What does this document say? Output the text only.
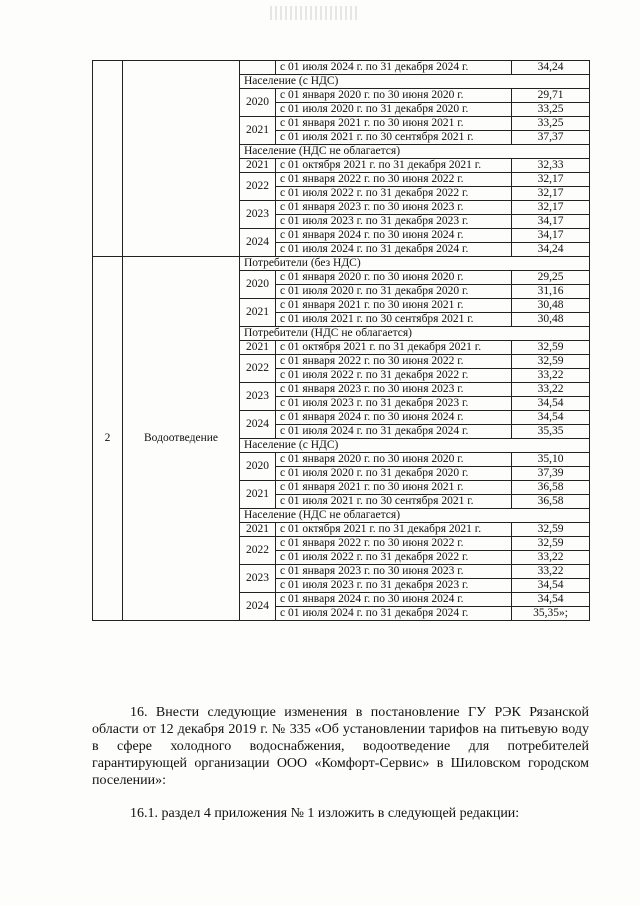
			с 01 июля 2024 г. по 31 декабря 2024 г.	34,24
		Население (с НДС)		
		2020	с 01 января 2020 г. по 30 июня 2020 г.	29,71
			с 01 июля 2020 г. по 31 декабря 2020 г.	33,25
		2021	с 01 января 2021 г. по 30 июня 2021 г.	33,25
			с 01 июля 2021 г. по 30 сентября 2021 г.	37,37
		Население (НДС не облагается)		
		2021	с 01 октября 2021 г. по 31 декабря 2021 г.	32,33
		2022	с 01 января 2022 г. по 30 июня 2022 г.	32,17
			с 01 июля 2022 г. по 31 декабря 2022 г.	32,17
		2023	с 01 января 2023 г. по 30 июня 2023 г.	32,17
			с 01 июля 2023 г. по 31 декабря 2023 г.	34,17
		2024	с 01 января 2024 г. по 30 июня 2024 г.	34,17
			с 01 июля 2024 г. по 31 декабря 2024 г.	34,24
2	Водоотведение	Потребители (без НДС)		
		2020	с 01 января 2020 г. по 30 июня 2020 г.	29,25
			с 01 июля 2020 г. по 31 декабря 2020 г.	31,16
		2021	с 01 января 2021 г. по 30 июня 2021 г.	30,48
			с 01 июля 2021 г. по 30 сентября 2021 г.	30,48
		Потребители (НДС не облагается)		
		2021	с 01 октября 2021 г. по 31 декабря 2021 г.	32,59
		2022	с 01 января 2022 г. по 30 июня 2022 г.	32,59
			с 01 июля 2022 г. по 31 декабря 2022 г.	33,22
		2023	с 01 января 2023 г. по 30 июня 2023 г.	33,22
			с 01 июля 2023 г. по 31 декабря 2023 г.	34,54
		2024	с 01 января 2024 г. по 30 июня 2024 г.	34,54
			с 01 июля 2024 г. по 31 декабря 2024 г.	35,35
		Население (с НДС)		
		2020	с 01 января 2020 г. по 30 июня 2020 г.	35,10
			с 01 июля 2020 г. по 31 декабря 2020 г.	37,39
		2021	с 01 января 2021 г. по 30 июня 2021 г.	36,58
			с 01 июля 2021 г. по 30 сентября 2021 г.	36,58
		Население (НДС не облагается)		
		2021	с 01 октября 2021 г. по 31 декабря 2021 г.	32,59
		2022	с 01 января 2022 г. по 30 июня 2022 г.	32,59
			с 01 июля 2022 г. по 31 декабря 2022 г.	33,22
		2023	с 01 января 2023 г. по 30 июня 2023 г.	33,22
			с 01 июля 2023 г. по 31 декабря 2023 г.	34,54
		2024	с 01 января 2024 г. по 30 июня 2024 г.	34,54
			с 01 июля 2024 г. по 31 декабря 2024 г.	35,35»;

16. Внести следующие изменения в постановление ГУ РЭК Рязанской области от 12 декабря 2019 г. № 335 «Об установлении тарифов на питьевую воду в сфере холодного водоснабжения, водоотведение для потребителей гарантирующей организации ООО «Комфорт-Сервис» в Шиловском городском поселении»:

16.1. раздел 4 приложения № 1 изложить в следующей редакции:
